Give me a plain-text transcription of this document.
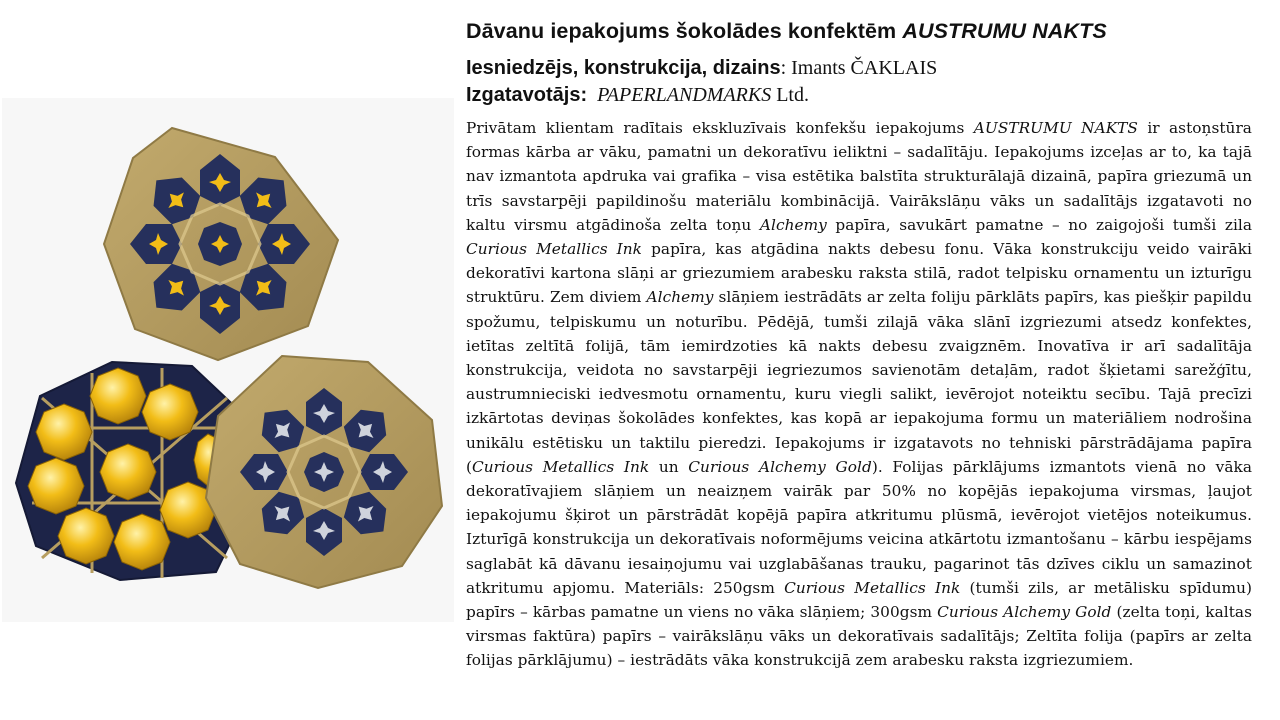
Dāvanu iepakojums šokolādes konfektēm AUSTRUMU NAKTS
Iesniedzējs, konstrukcija, dizains: Imants ČAKLAIS
Izgatavotājs: PAPERLANDMARKS Ltd.
Privātam klientam radītais ekskluzīvais konfekšu iepakojums AUSTRUMU NAKTS ir astoņstūra formas kārba ar vāku, pamatni un dekoratīvu ieliktni – sadalītāju. Iepakojums izceļas ar to, ka tajā nav izmantota apdruka vai grafika – visa estētika balstīta strukturālajā dizainā, papīra griezumā un trīs savstarpēji papildinošu materiālu kombinācijā. Vairākslāņu vāks un sadalītājs izgatavoti no kaltu virsmu atgādinoša zelta toņu Alchemy papīra, savukārt pamatne – no zaigojoši tumši zila Curious Metallics Ink papīra, kas atgādina nakts debesu fonu. Vāka konstrukciju veido vairāki dekoratīvi kartona slāņi ar griezumiem arabesku raksta stilā, radot telpisku ornamentu un izturīgu struktūru. Zem diviem Alchemy slāņiem iestrādāts ar zelta foliju pārklāts papīrs, kas piešķir papildu spožumu, telpiskumu un noturību. Pēdējā, tumši zilajā vāka slānī izgriezumi atsedz konfektes, ietītas zeltītā folijā, tām iemirdzoties kā nakts debesu zvaigznēm. Inovatīva ir arī sadalītāja konstrukcija, veidota no savstarpēji iegriezumos savienotām detaļām, radot šķietami sarežģītu, austrumnieciski iedvesmotu ornamentu, kuru viegli salikt, ievērojot noteiktu secību. Tajā precīzi izkārtotas deviņas šokolādes konfektes, kas kopā ar iepakojuma formu un materiāliem nodrošina unikālu estētisku un taktilu pieredzi. Iepakojums ir izgatavots no tehniski pārstrādājama papīra (Curious Metallics Ink un Curious Alchemy Gold). Folijas pārklājums izmantots vienā no vāka dekoratīvajiem slāņiem un neaizņem vairāk par 50% no kopējās iepakojuma virsmas, ļaujot iepakojumu šķirot un pārstrādāt kopējā papīra atkritumu plūsmā, ievērojot vietējos noteikumus. Izturīgā konstrukcija un dekoratīvais noformējums veicina atkārtotu izmantošanu – kārbu iespējams saglabāt kā dāvanu iesaiņojumu vai uzglabāšanas trauku, pagarinot tās dzīves ciklu un samazinot atkritumu apjomu. Materiāls: 250gsm Curious Metallics Ink (tumši zils, ar metālisku spīdumu) papīrs – kārbas pamatne un viens no vāka slāņiem; 300gsm Curious Alchemy Gold (zelta toņi, kaltas virsmas faktūra) papīrs – vairākslāņu vāks un dekoratīvais sadalītājs; Zeltīta folija (papīrs ar zelta folijas pārklājumu) – iestrādāts vāka konstrukcijā zem arabesku raksta izgriezumiem.
